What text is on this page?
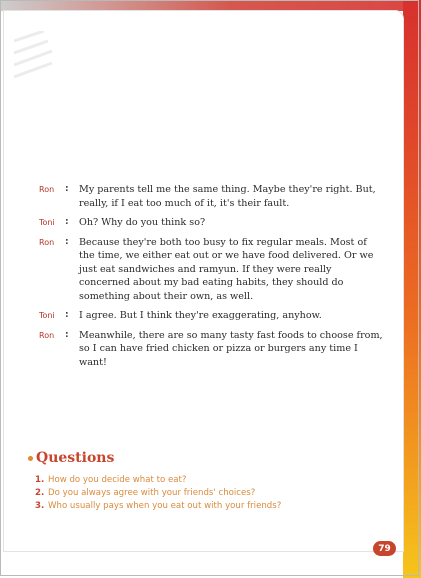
Ron	:	My parents tell me the same thing. Maybe they're right. But, really, if I eat too much of it, it's their fault.
Toni	:	Oh? Why do you think so?
Ron	:	Because they're both too busy to fix regular meals. Most of the time, we either eat out or we have food delivered. Or we just eat sandwiches and ramyun. If they were really concerned about my bad eating habits, they should do something about their own, as well.
Toni	:	I agree. But I think they're exaggerating, anyhow.
Ron	:	Meanwhile, there are so many tasty fast foods to choose from, so I can have fried chicken or pizza or burgers any time I want!
Questions
1. How do you decide what to eat?
2. Do you always agree with your friends' choices?
3. Who usually pays when you eat out with your friends?
79
